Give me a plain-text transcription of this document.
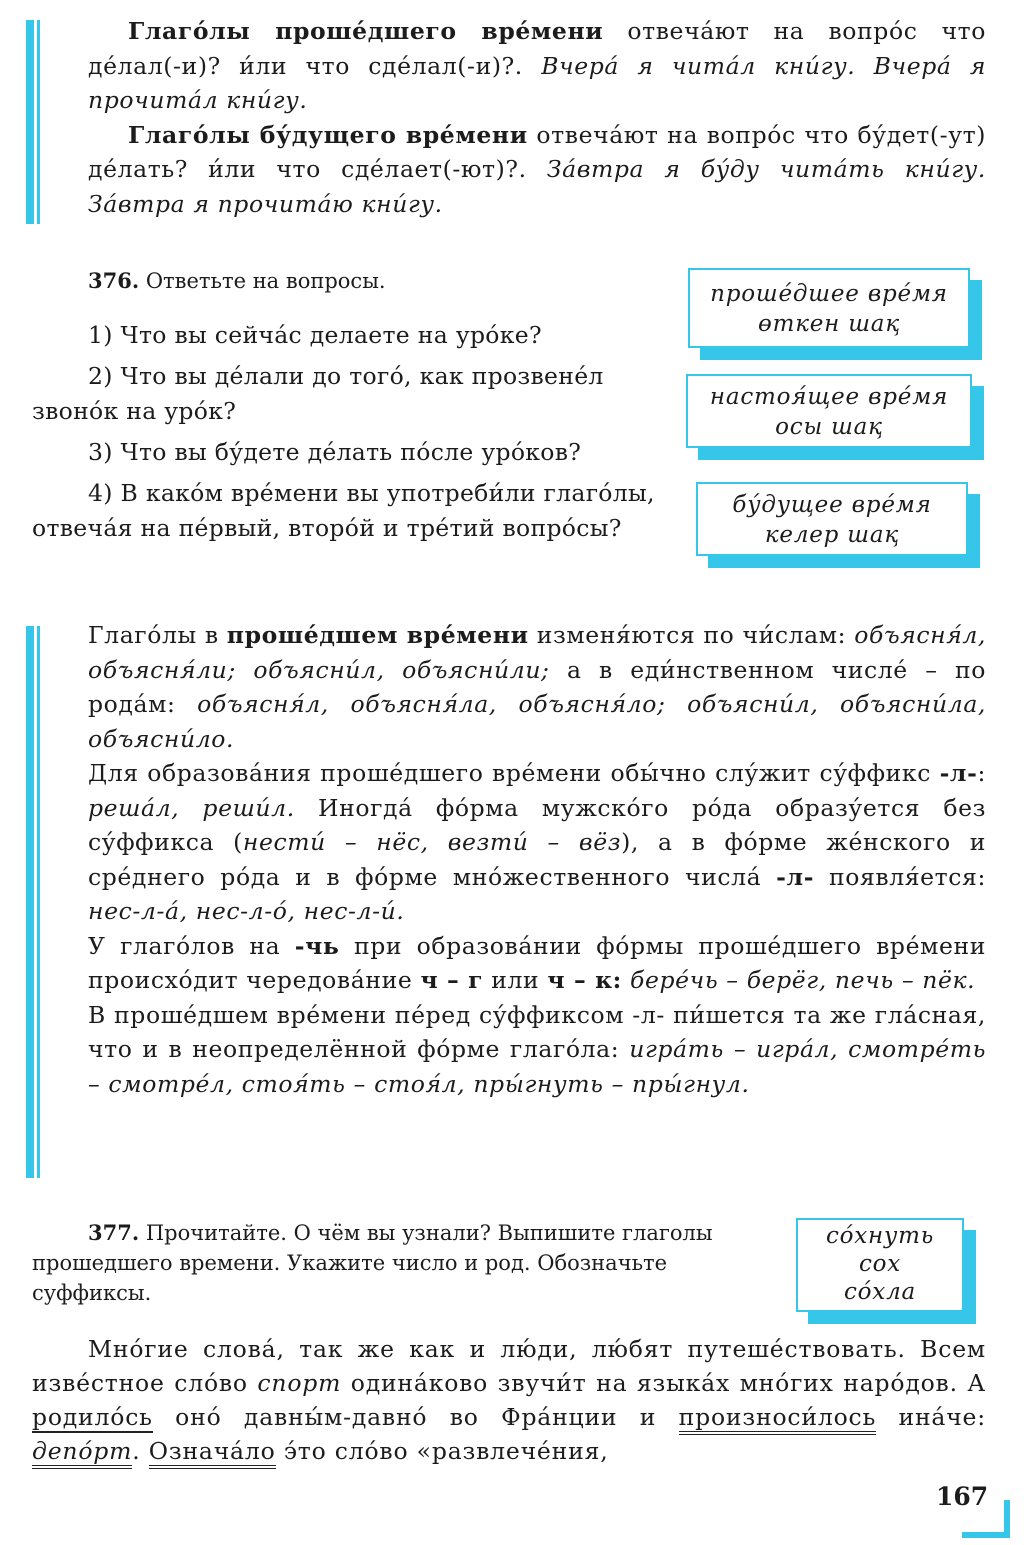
Глаго́лы проше́дшего вре́мени отвеча́ют на вопро́с что де́лал(-и)? и́ли что сде́лал(-и)?. Вчера́ я чита́л кни́гу. Вчера́ я прочита́л кни́гу.

Глаго́лы бу́дущего вре́мени отвеча́ют на вопро́с что бу́дет(-ут) де́лать? и́ли что сде́лает(-ют)?. За́втра я бу́ду чита́ть кни́гу. За́втра я прочита́ю кни́гу.

376. Ответьте на вопросы.

1) Что вы сейча́с делаете на уро́ке?

2) Что вы де́лали до того́, как прозвене́л звоно́к на уро́к?

3) Что вы бу́дете де́лать по́сле уро́ков?

4) В како́м вре́мени вы употреби́ли глаго́лы, отвеча́я на пе́рвый, второ́й и тре́тий вопро́сы?

проше́дшее вре́мя
өткен шақ
настоя́щее вре́мя
осы шақ
бу́дущее вре́мя
келер шақ

Глаго́лы в проше́дшем вре́мени изменя́ются по чи́слам: объясня́л, объясня́ли; объясни́л, объясни́ли; а в еди́нственном числе́ – по рода́м: объясня́л, объясня́ла, объясня́ло; объясни́л, объясни́ла, объясни́ло.

Для образова́ния проше́дшего вре́мени обы́чно слу́жит су́ффикс -л-: реша́л, реши́л. Иногда́ фо́рма мужско́го ро́да образу́ется без су́ффикса (нести́ – нёс, везти́ – вёз), а в фо́рме же́нского и сре́днего ро́да и в фо́рме мно́жественного числа́ -л- появля́ется: нес-л-а́, нес-л-о́, нес-л-и́.

У глаго́лов на -чь при образова́нии фо́рмы проше́дшего вре́мени происхо́дит чередова́ние ч – г или ч – к: бере́чь – берёг, печь – пёк.

В проше́дшем вре́мени пе́ред су́ффиксом -л- пи́шется та же гла́сная, что и в неопределённой фо́рме глаго́ла: игра́ть – игра́л, смотре́ть – смотре́л, стоя́ть – стоя́л, пры́гнуть – пры́гнул.

377. Прочитайте. О чём вы узнали? Выпишите глаголы прошедшего времени. Укажите число и род. Обозначьте суффиксы.
со́хнуть
сох
со́хла

Мно́гие слова́, так же как и лю́ди, лю́бят путеше́ствовать. Всем изве́стное сло́во спорт одина́ково звучи́т на языка́х мно́гих наро́дов. А родило́сь оно́ давны́м-давно́ во Фра́нции и произноси́лось ина́че: депо́рт. Означа́ло э́то сло́во «развлече́ния,

167
